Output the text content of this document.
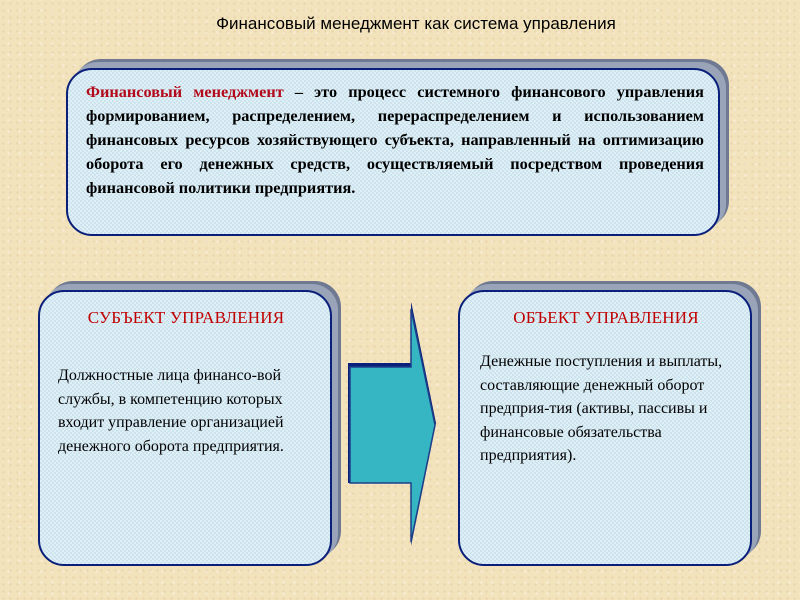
Финансовый менеджмент как система управления

Финансовый менеджмент – это процесс системного финансового управления формированием, распределением, перераспределением и использованием финансовых ресурсов хозяйствующего субъекта, направленный на оптимизацию оборота его денежных средств, осуществляемый посредством проведения финансовой политики предприятия.

СУБЪЕКТ УПРАВЛЕНИЯ

Должностные лица финансо-вой службы, в компетенцию которых входит управление организацией денежного оборота предприятия.

ОБЪЕКТ УПРАВЛЕНИЯ

Денежные поступления и выплаты, составляющие денежный оборот предприя-тия (активы, пассивы и финансовые обязательства предприятия).
